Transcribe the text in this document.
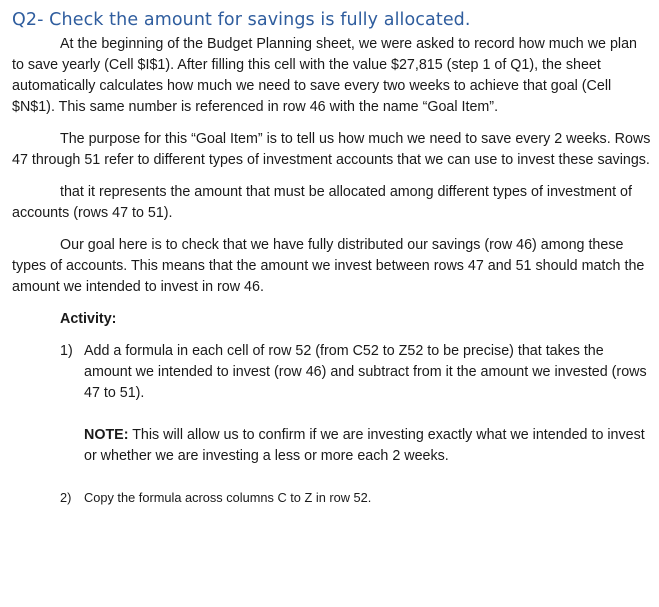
Q2- Check the amount for savings is fully allocated.

At the beginning of the Budget Planning sheet, we were asked to record how much we plan to save yearly (Cell $I$1). After filling this cell with the value $27,815 (step 1 of Q1), the sheet automatically calculates how much we need to save every two weeks to achieve that goal (Cell $N$1). This same number is referenced in row 46 with the name “Goal Item”.

The purpose for this “Goal Item” is to tell us how much we need to save every 2 weeks. Rows 47 through 51 refer to different types of investment accounts that we can use to invest these savings.

that it represents the amount that must be allocated among different types of investment of accounts (rows 47 to 51).

Our goal here is to check that we have fully distributed our savings (row 46) among these types of accounts. This means that the amount we invest between rows 47 and 51 should match the amount we intended to invest in row 46.

Activity:
1) Add a formula in each cell of row 52 (from C52 to Z52 to be precise) that takes the amount we intended to invest (row 46) and subtract from it the amount we invested (rows 47 to 51).
NOTE: This will allow us to confirm if we are investing exactly what we intended to invest or whether we are investing a less or more each 2 weeks.
2) Copy the formula across columns C to Z in row 52.
